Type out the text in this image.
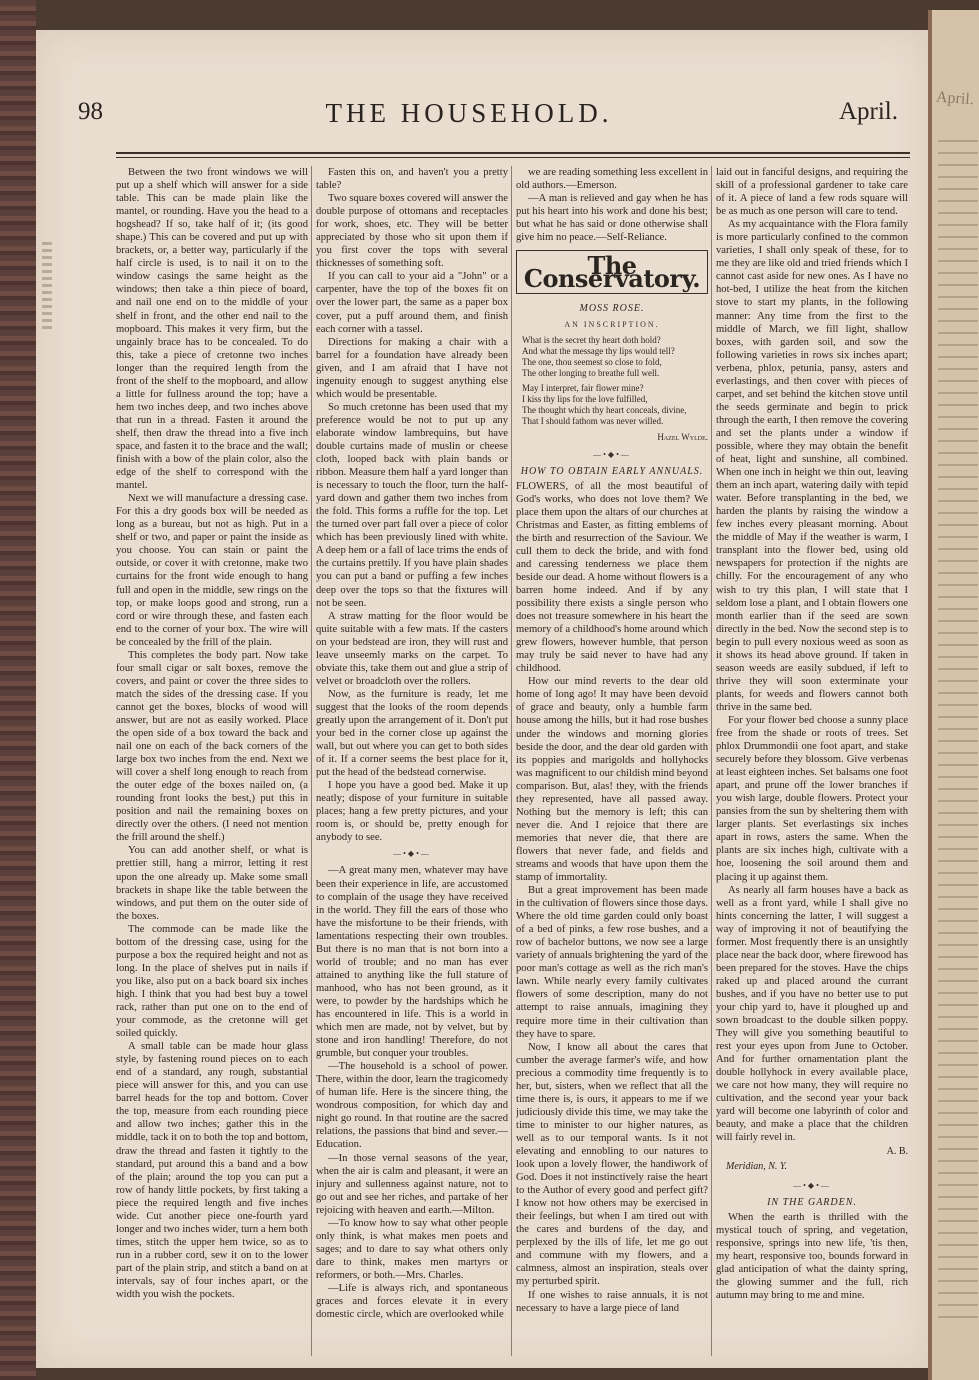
April.
98	THE HOUSEHOLD.	April.

Between the two front windows we will put up a shelf which will answer for a side table. This can be made plain like the mantel, or rounding. Have you the head to a hogshead? If so, take half of it; (its good shape.) This can be covered and put up with brackets, or, a better way, particularly if the half circle is used, is to nail it on to the window casings the same height as the windows; then take a thin piece of board, and nail one end on to the middle of your shelf in front, and the other end nail to the mopboard. This makes it very firm, but the ungainly brace has to be concealed. To do this, take a piece of cretonne two inches longer than the required length from the front of the shelf to the mopboard, and allow a little for fullness around the top; have a hem two inches deep, and two inches above that run in a thread. Fasten it around the shelf, then draw the thread into a five inch space, and fasten it to the brace and the wall; finish with a bow of the plain color, also the edge of the shelf to correspond with the mantel.

Next we will manufacture a dressing case. For this a dry goods box will be needed as long as a bureau, but not as high. Put in a shelf or two, and paper or paint the inside as you choose. You can stain or paint the outside, or cover it with cretonne, make two curtains for the front wide enough to hang full and open in the middle, sew rings on the top, or make loops good and strong, run a cord or wire through these, and fasten each end to the corner of your box. The wire will be concealed by the frill of the plain.

This completes the body part. Now take four small cigar or salt boxes, remove the covers, and paint or cover the three sides to match the sides of the dressing case. If you cannot get the boxes, blocks of wood will answer, but are not as easily worked. Place the open side of a box toward the back and nail one on each of the back corners of the large box two inches from the end. Next we will cover a shelf long enough to reach from the outer edge of the boxes nailed on, (a rounding front looks the best,) put this in position and nail the remaining boxes on directly over the others. (I need not mention the frill around the shelf.)

You can add another shelf, or what is prettier still, hang a mirror, letting it rest upon the one already up. Make some small brackets in shape like the table between the windows, and put them on the outer side of the boxes.

The commode can be made like the bottom of the dressing case, using for the purpose a box the required height and not as long. In the place of shelves put in nails if you like, also put on a back board six inches high. I think that you had best buy a towel rack, rather than put one on to the end of your commode, as the cretonne will get soiled quickly.

A small table can be made hour glass style, by fastening round pieces on to each end of a standard, any rough, substantial piece will answer for this, and you can use barrel heads for the top and bottom. Cover the top, measure from each rounding piece and allow two inches; gather this in the middle, tack it on to both the top and bottom, draw the thread and fasten it tightly to the standard, put around this a band and a bow of the plain; around the top you can put a row of handy little pockets, by first taking a piece the required length and five inches wide. Cut another piece one-fourth yard longer and two inches wider, turn a hem both times, stitch the upper hem twice, so as to run in a rubber cord, sew it on to the lower part of the plain strip, and stitch a band on at intervals, say of four inches apart, or the width you wish the pockets.

Fasten this on, and haven't you a pretty table?

Two square boxes covered will answer the double purpose of ottomans and receptacles for work, shoes, etc. They will be better appreciated by those who sit upon them if you first cover the tops with several thicknesses of something soft.

If you can call to your aid a "John" or a carpenter, have the top of the boxes fit on over the lower part, the same as a paper box cover, put a puff around them, and finish each corner with a tassel.

Directions for making a chair with a barrel for a foundation have already been given, and I am afraid that I have not ingenuity enough to suggest anything else which would be presentable.

So much cretonne has been used that my preference would be not to put up any elaborate window lambrequins, but have double curtains made of muslin or cheese cloth, looped back with plain bands or ribbon. Measure them half a yard longer than is necessary to touch the floor, turn the half-yard down and gather them two inches from the fold. This forms a ruffle for the top. Let the turned over part fall over a piece of color which has been previously lined with white. A deep hem or a fall of lace trims the ends of the curtains prettily. If you have plain shades you can put a band or puffing a few inches deep over the tops so that the fixtures will not be seen.

A straw matting for the floor would be quite suitable with a few mats. If the casters on your bedstead are iron, they will rust and leave unseemly marks on the carpet. To obviate this, take them out and glue a strip of velvet or broadcloth over the rollers.

Now, as the furniture is ready, let me suggest that the looks of the room depends greatly upon the arrangement of it. Don't put your bed in the corner close up against the wall, but out where you can get to both sides of it. If a corner seems the best place for it, put the head of the bedstead cornerwise.

I hope you have a good bed. Make it up neatly; dispose of your furniture in suitable places; hang a few pretty pictures, and your room is, or should be, pretty enough for anybody to see.

—•◆•—

—A great many men, whatever may have been their experience in life, are accustomed to complain of the usage they have received in the world. They fill the ears of those who have the misfortune to be their friends, with lamentations respecting their own troubles. But there is no man that is not born into a world of trouble; and no man has ever attained to anything like the full stature of manhood, who has not been ground, as it were, to powder by the hardships which he has encountered in life. This is a world in which men are made, not by velvet, but by stone and iron handling! Therefore, do not grumble, but conquer your troubles.

—The household is a school of power. There, within the door, learn the tragicomedy of human life. Here is the sincere thing, the wondrous composition, for which day and night go round. In that routine are the sacred relations, the passions that bind and sever.—Education.

—In those vernal seasons of the year, when the air is calm and pleasant, it were an injury and sullenness against nature, not to go out and see her riches, and partake of her rejoicing with heaven and earth.—Milton.

—To know how to say what other people only think, is what makes men poets and sages; and to dare to say what others only dare to think, makes men martyrs or reformers, or both.—Mrs. Charles.

—Life is always rich, and spontaneous graces and forces elevate it in every domestic circle, which are overlooked while

we are reading something less excellent in old authors.—Emerson.

—A man is relieved and gay when he has put his heart into his work and done his best; but what he has said or done otherwise shall give him no peace.—Self-Reliance.

The Conservatory.
MOSS ROSE.
AN INSCRIPTION.
What is the secret thy heart doth hold?
And what the message thy lips would tell?
The one, thou seemest so close to fold,
The other longing to breathe full well.
May I interpret, fair flower mine?
I kiss thy lips for the love fulfilled,
The thought which thy heart conceals, divine,
That I should fathom was never willed.
Hazel Wylde.
—•◆•—
HOW TO OBTAIN EARLY ANNUALS.

FLOWERS, of all the most beautiful of God's works, who does not love them? We place them upon the altars of our churches at Christmas and Easter, as fitting emblems of the birth and resurrection of the Saviour. We cull them to deck the bride, and with fond and caressing tenderness we place them beside our dead. A home without flowers is a barren home indeed. And if by any possibility there exists a single person who does not treasure somewhere in his heart the memory of a childhood's home around which grew flowers, however humble, that person may truly be said never to have had any childhood.

How our mind reverts to the dear old home of long ago! It may have been devoid of grace and beauty, only a humble farm house among the hills, but it had rose bushes under the windows and morning glories beside the door, and the dear old garden with its poppies and marigolds and hollyhocks was magnificent to our childish mind beyond comparison. But, alas! they, with the friends they represented, have all passed away. Nothing but the memory is left; this can never die. And I rejoice that there are memories that never die, that there are flowers that never fade, and fields and streams and woods that have upon them the stamp of immortality.

But a great improvement has been made in the cultivation of flowers since those days. Where the old time garden could only boast of a bed of pinks, a few rose bushes, and a row of bachelor buttons, we now see a large variety of annuals brightening the yard of the poor man's cottage as well as the rich man's lawn. While nearly every family cultivates flowers of some description, many do not attempt to raise annuals, imagining they require more time in their cultivation than they have to spare.

Now, I know all about the cares that cumber the average farmer's wife, and how precious a commodity time frequently is to her, but, sisters, when we reflect that all the time there is, is ours, it appears to me if we judiciously divide this time, we may take the time to minister to our higher natures, as well as to our temporal wants. Is it not elevating and ennobling to our natures to look upon a lovely flower, the handiwork of God. Does it not instinctively raise the heart to the Author of every good and perfect gift? I know not how others may be exercised in their feelings, but when I am tired out with the cares and burdens of the day, and perplexed by the ills of life, let me go out and commune with my flowers, and a calmness, almost an inspiration, steals over my perturbed spirit.

If one wishes to raise annuals, it is not necessary to have a large piece of land

laid out in fanciful designs, and requiring the skill of a professional gardener to take care of it. A piece of land a few rods square will be as much as one person will care to tend.

As my acquaintance with the Flora family is more particularly confined to the common varieties, I shall only speak of these, for to me they are like old and tried friends which I cannot cast aside for new ones. As I have no hot-bed, I utilize the heat from the kitchen stove to start my plants, in the following manner: Any time from the first to the middle of March, we fill light, shallow boxes, with garden soil, and sow the following varieties in rows six inches apart; verbena, phlox, petunia, pansy, asters and everlastings, and then cover with pieces of carpet, and set behind the kitchen stove until the seeds germinate and begin to prick through the earth, I then remove the covering and set the plants under a window if possible, where they may obtain the benefit of heat, light and sunshine, all combined. When one inch in height we thin out, leaving them an inch apart, watering daily with tepid water. Before transplanting in the bed, we harden the plants by raising the window a few inches every pleasant morning. About the middle of May if the weather is warm, I transplant into the flower bed, using old newspapers for protection if the nights are chilly. For the encouragement of any who wish to try this plan, I will state that I seldom lose a plant, and I obtain flowers one month earlier than if the seed are sown directly in the bed. Now the second step is to begin to pull every noxious weed as soon as it shows its head above ground. If taken in season weeds are easily subdued, if left to thrive they will soon exterminate your plants, for weeds and flowers cannot both thrive in the same bed.

For your flower bed choose a sunny place free from the shade or roots of trees. Set phlox Drummondii one foot apart, and stake securely before they blossom. Give verbenas at least eighteen inches. Set balsams one foot apart, and prune off the lower branches if you wish large, double flowers. Protect your pansies from the sun by sheltering them with larger plants. Set everlastings six inches apart in rows, asters the same. When the plants are six inches high, cultivate with a hoe, loosening the soil around them and placing it up against them.

As nearly all farm houses have a back as well as a front yard, while I shall give no hints concerning the latter, I will suggest a way of improving it not of beautifying the former. Most frequently there is an unsightly place near the back door, where firewood has been prepared for the stoves. Have the chips raked up and placed around the currant bushes, and if you have no better use to put your chip yard to, have it ploughed up and sown broadcast to the double silken poppy. They will give you something beautiful to rest your eyes upon from June to October. And for further ornamentation plant the double hollyhock in every available place, we care not how many, they will require no cultivation, and the second year your back yard will become one labyrinth of color and beauty, and make a place that the children will fairly revel in.

A. B.
Meridian, N. Y.
—•◆•—
IN THE GARDEN.

When the earth is thrilled with the mystical touch of spring, and vegetation, responsive, springs into new life, 'tis then, my heart, responsive too, bounds forward in glad anticipation of what the dainty spring, the glowing summer and the full, rich autumn may bring to me and mine.
